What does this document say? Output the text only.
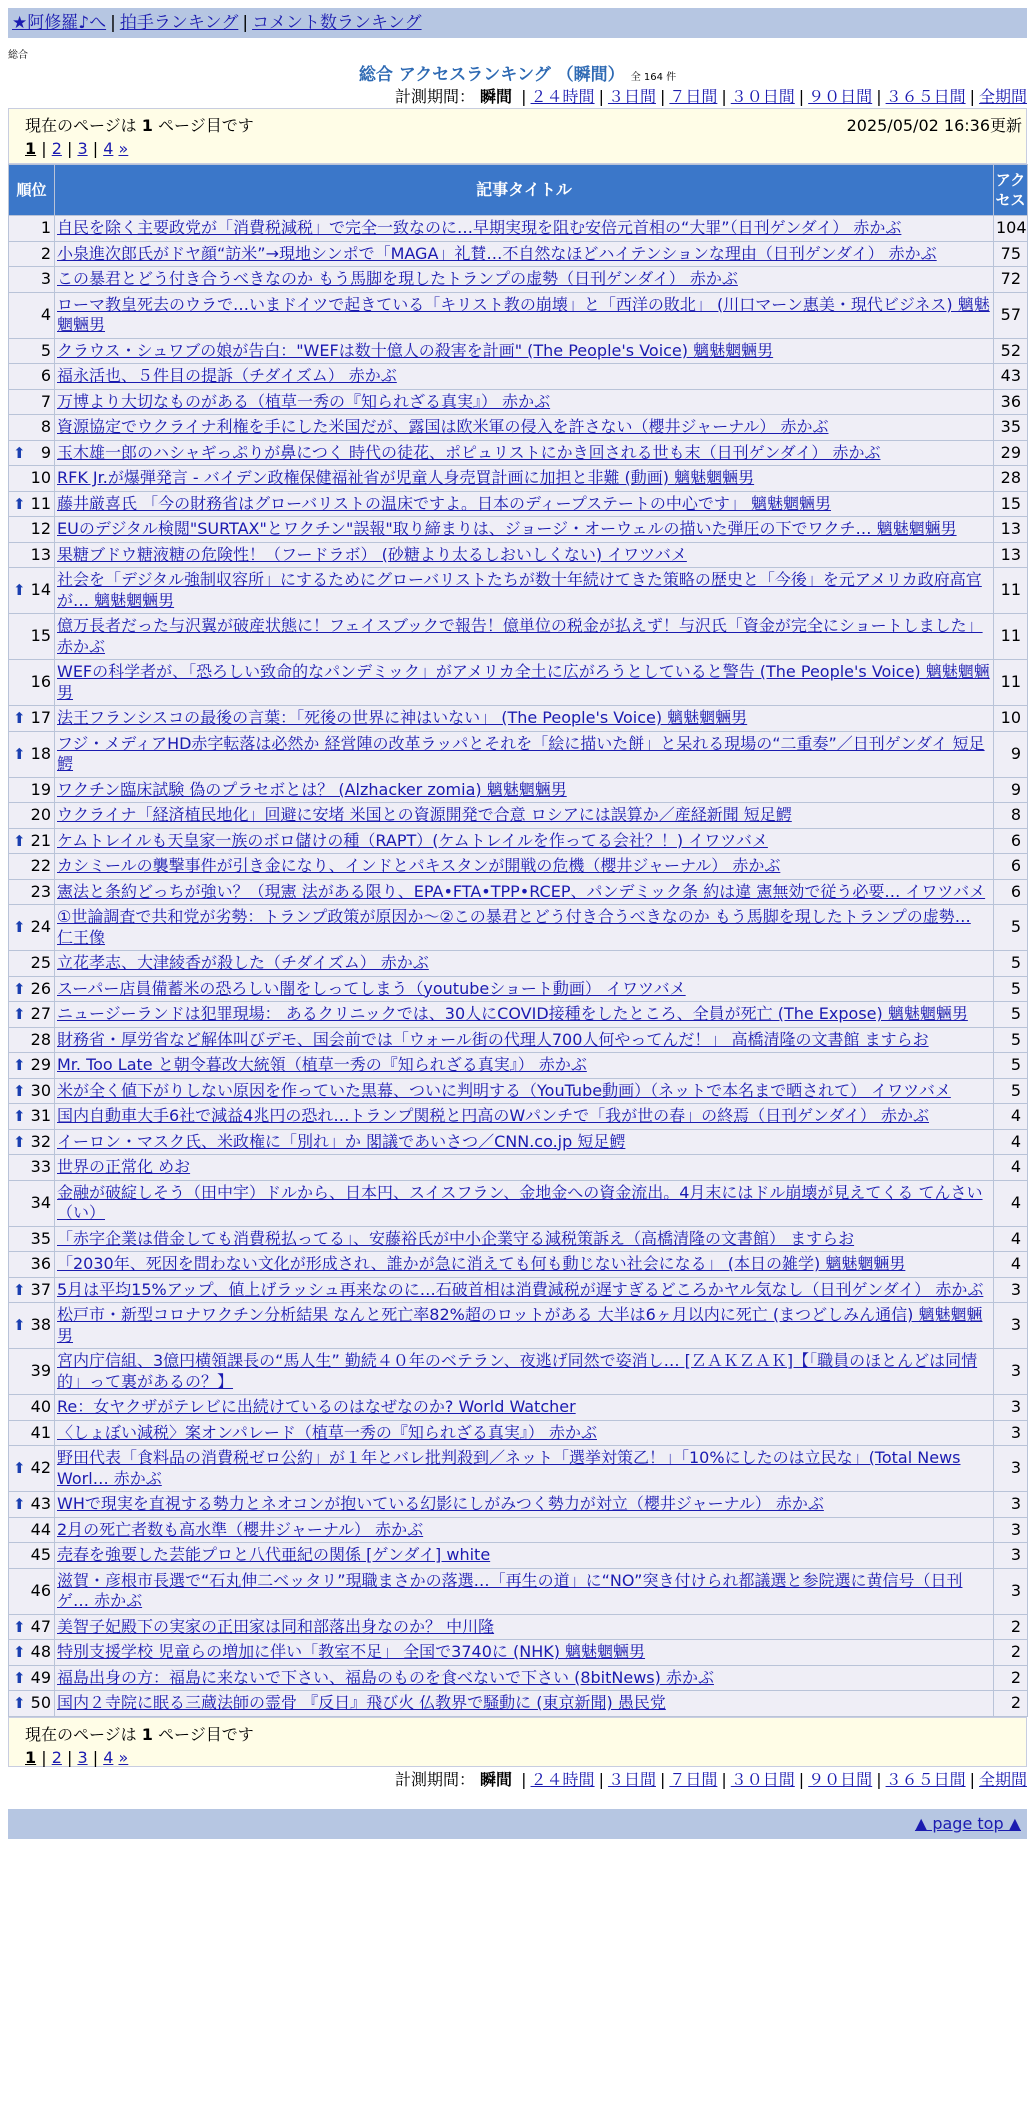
★阿修羅♪へ | 拍手ランキング | コメント数ランキング
総合
総合 アクセスランキング （瞬間） 全 164 件
計測期間： 瞬間 | ２４時間 | ３日間 | ７日間 | ３０日間 | ９０日間 | ３６５日間 | 全期間
現在のページは 1 ページ目です	2025/05/02 16:36更新
1 | 2 | 3 | 4 »
順位	記事タイトル	アクセス
1	自民を除く主要政党が「消費税減税」で完全一致なのに…早期実現を阻む安倍元首相の“大罪”（日刊ゲンダイ） 赤かぶ	104
2	小泉進次郎氏がドヤ顔“訪米”→現地シンポで「MAGA」礼賛…不自然なほどハイテンションな理由（日刊ゲンダイ） 赤かぶ	75
3	この暴君とどう付き合うべきなのか もう馬脚を現したトランプの虚勢（日刊ゲンダイ） 赤かぶ	72
4	ローマ教皇死去のウラで…いまドイツで起きている「キリスト教の崩壊」と「西洋の敗北」 (川口マーン惠美・現代ビジネス) 魑魅魍魎男	57
5	クラウス・シュワブの娘が告白："WEFは数十億人の殺害を計画" (The People's Voice) 魑魅魍魎男	52
6	福永活也、５件目の提訴（チダイズム） 赤かぶ	43
7	万博より大切なものがある（植草一秀の『知られざる真実』） 赤かぶ	36
8	資源協定でウクライナ利権を手にした米国だが、露国は欧米軍の侵入を許さない（櫻井ジャーナル） 赤かぶ	35

⬆ 9	玉木雄一郎のハシャギっぷりが鼻につく 時代の徒花、ポピュリストにかき回される世も末（日刊ゲンダイ） 赤かぶ	29
10	RFK Jr.が爆弾発言 - バイデン政権保健福祉省が児童人身売買計画に加担と非難 (動画) 魑魅魍魎男	28

⬆ 11	藤井厳喜氏 「今の財務省はグローバリストの温床ですよ。日本のディープステートの中心です」 魑魅魍魎男	15
12	EUのデジタル検閲"SURTAX"とワクチン"誤報"取り締まりは、ジョージ・オーウェルの描いた弾圧の下でワクチ… 魑魅魍魎男	13
13	果糖ブドウ糖液糖の危険性！（フードラボ） (砂糖より太るしおいしくない) イワツバメ	13

⬆ 14	社会を「デジタル強制収容所」にするためにグローバリストたちが数十年続けてきた策略の歴史と「今後」を元アメリカ政府高官が… 魑魅魍魎男	11
15	億万長者だった与沢翼が破産状態に！フェイスブックで報告！億単位の税金が払えず！与沢氏「資金が完全にショートしました」 赤かぶ	11
16	WEFの科学者が、「恐ろしい致命的なパンデミック」がアメリカ全土に広がろうとしていると警告 (The People's Voice) 魑魅魍魎男	11

⬆ 17	法王フランシスコの最後の言葉：「死後の世界に神はいない」 (The People's Voice) 魑魅魍魎男	10

⬆ 18	フジ・メディアHD赤字転落は必然か 経営陣の改革ラッパとそれを「絵に描いた餅」と呆れる現場の“二重奏”／日刊ゲンダイ 短足鰐	9
19	ワクチン臨床試験 偽のプラセボとは？ (Alzhacker zomia) 魑魅魍魎男	9
20	ウクライナ「経済植民地化」回避に安堵 米国との資源開発で合意 ロシアには誤算か／産経新聞 短足鰐	8

⬆ 21	ケムトレイルも天皇家一族のボロ儲けの種（RAPT）(ケムトレイルを作ってる会社？！) イワツバメ	6
22	カシミールの襲撃事件が引き金になり、インドとパキスタンが開戦の危機（櫻井ジャーナル） 赤かぶ	6
23	憲法と条約どっちが強い？（現憲 法がある限り、EPA•FTA•TPP•RCEP、パンデミック条 約は違 憲無効で従う必要… イワツバメ	6

⬆ 24	①世論調査で共和党が劣勢：トランプ政策が原因か～②この暴君とどう付き合うべきなのか もう馬脚を現したトランプの虚勢… 仁王像	5
25	立花孝志、大津綾香が殺した（チダイズム） 赤かぶ	5

⬆ 26	スーパー店員備蓄米の恐ろしい闇をしってしまう（youtubeショート動画） イワツバメ	5

⬆ 27	ニュージーランドは犯罪現場： あるクリニックでは、30人にCOVID接種をしたところ、全員が死亡 (The Expose) 魑魅魍魎男	5
28	財務省・厚労省など解体叫びデモ、国会前では「ウォール街の代理人700人何やってんだ！」 高橋清隆の文書館 ますらお	5

⬆ 29	Mr. Too Late と朝令暮改大統領（植草一秀の『知られざる真実』） 赤かぶ	5

⬆ 30	米が全く値下がりしない原因を作っていた黒幕、ついに判明する（YouTube動画）（ネットで本名まで晒されて） イワツバメ	5

⬆ 31	国内自動車大手6社で減益4兆円の恐れ…トランプ関税と円高のWパンチで「我が世の春」の終焉（日刊ゲンダイ） 赤かぶ	4

⬆ 32	イーロン・マスク氏、米政権に「別れ」か 閣議であいさつ／CNN.co.jp 短足鰐	4
33	世界の正常化 めお	4
34	金融が破綻しそう（田中宇）ドルから、日本円、スイスフラン、金地金への資金流出。4月末にはドル崩壊が見えてくる てんさい（い）	4
35	「赤字企業は借金しても消費税払ってる」、安藤裕氏が中小企業守る減税策訴え（高橋清隆の文書館） ますらお	4
36	「2030年、死因を問わない文化が形成され、誰かが急に消えても何も動じない社会になる」 (本日の雑学) 魑魅魍魎男	4

⬆ 37	5月は平均15%アップ、値上げラッシュ再来なのに…石破首相は消費減税が遅すぎるどころかヤル気なし（日刊ゲンダイ） 赤かぶ	3

⬆ 38	松戸市・新型コロナワクチン分析結果 なんと死亡率82%超のロットがある 大半は6ヶ月以内に死亡 (まつどしみん通信) 魑魅魍魎男	3
39	宮内庁信組、3億円横領課長の“馬人生” 勤続４０年のベテラン、夜逃げ同然で姿消し… [ＺＡＫＺＡＫ]【「職員のほとんどは同情的」って裏があるの？】	3
40	Re：女ヤクザがテレビに出続けているのはなぜなのか? World Watcher	3
41	〈しょぼい減税〉案オンパレード（植草一秀の『知られざる真実』） 赤かぶ	3

⬆ 42	野田代表「食料品の消費税ゼロ公約」が１年とバレ批判殺到／ネット「選挙対策乙！」「10%にしたのは立民な」(Total News Worl… 赤かぶ	3

⬆ 43	WHで現実を直視する勢力とネオコンが抱いている幻影にしがみつく勢力が対立（櫻井ジャーナル） 赤かぶ	3
44	2月の死亡者数も高水準（櫻井ジャーナル） 赤かぶ	3
45	売春を強要した芸能プロと八代亜紀の関係 [ゲンダイ] white	3
46	滋賀・彦根市長選で“石丸伸二ベッタリ”現職まさかの落選…「再生の道」に“NO”突き付けられ都議選と参院選に黄信号（日刊ゲ… 赤かぶ	3

⬆ 47	美智子妃殿下の実家の正田家は同和部落出身なのか？ 中川隆	2

⬆ 48	特別支援学校 児童らの増加に伴い「教室不足」 全国で3740に (NHK) 魑魅魍魎男	2

⬆ 49	福島出身の方：福島に来ないで下さい、福島のものを食べないで下さい (8bitNews) 赤かぶ	2

⬆ 50	国内２寺院に眠る三蔵法師の霊骨 『反日』飛び火 仏教界で騒動に (東京新聞) 愚民党	2
現在のページは 1 ページ目です
1 | 2 | 3 | 4 »
計測期間： 瞬間 | ２４時間 | ３日間 | ７日間 | ３０日間 | ９０日間 | ３６５日間 | 全期間
▲ page top ▲
